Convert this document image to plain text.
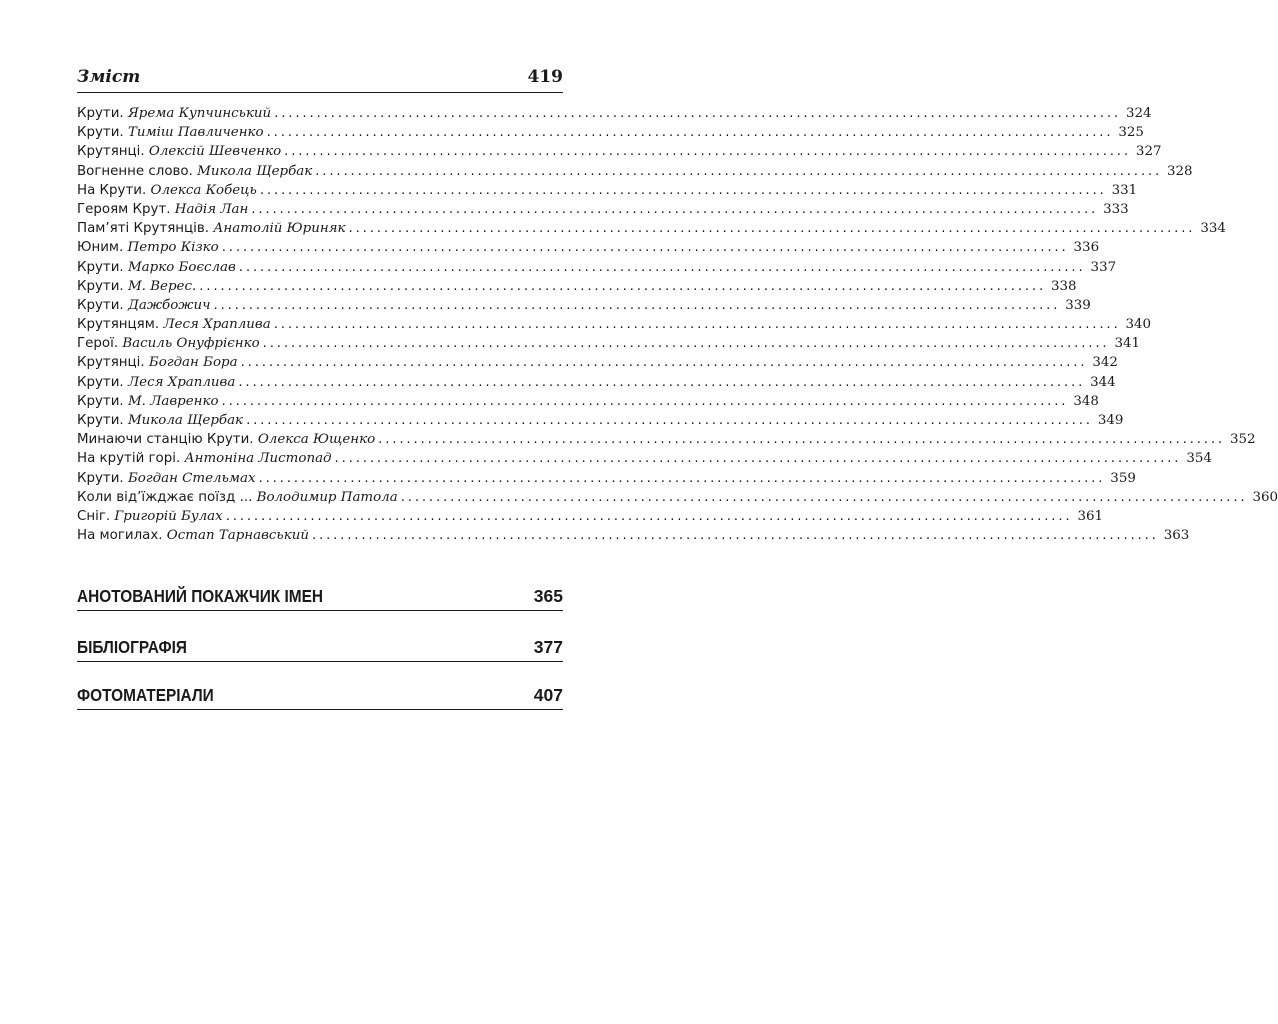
Зміст	419
Крути. Ярема Купчинський ........................................................................................................................ 324
Крути. Тиміш Павличенко ........................................................................................................................ 325
Крутянці. Олексій Шевченко ........................................................................................................................ 327
Вогненне слово. Микола Щербак ........................................................................................................................ 328
На Крути. Олекса Кобець ........................................................................................................................ 331
Героям Крут. Надія Лан ........................................................................................................................ 333
Пам’яті Крутянців. Анатолій Юриняк ........................................................................................................................ 334
Юним. Петро Кізко ........................................................................................................................ 336
Крути. Марко Боєслав ........................................................................................................................ 337
Крути. М. Верес. ........................................................................................................................ 338
Крути. Дажбожич ........................................................................................................................ 339
Крутянцям. Леся Храплива ........................................................................................................................ 340
Герої. Василь Онуфрієнко ........................................................................................................................ 341
Крутянці. Богдан Бора ........................................................................................................................ 342
Крути. Леся Храплива ........................................................................................................................ 344
Крути. М. Лавренко ........................................................................................................................ 348
Крути. Микола Щербак ........................................................................................................................ 349
Минаючи станцію Крути. Олекса Ющенко ........................................................................................................................ 352
На крутій горі. Антоніна Листопад ........................................................................................................................ 354
Крути. Богдан Стельмах ........................................................................................................................ 359
Коли від’їжджає поїзд ... Володимир Патола ........................................................................................................................ 360
Сніг. Григорій Булах ........................................................................................................................ 361
На могилах. Остап Тарнавський ........................................................................................................................ 363
АНОТОВАНИЙ ПОКАЖЧИК ІМЕН	365
БІБЛІОГРАФІЯ	377
ФОТОМАТЕРІАЛИ	407
